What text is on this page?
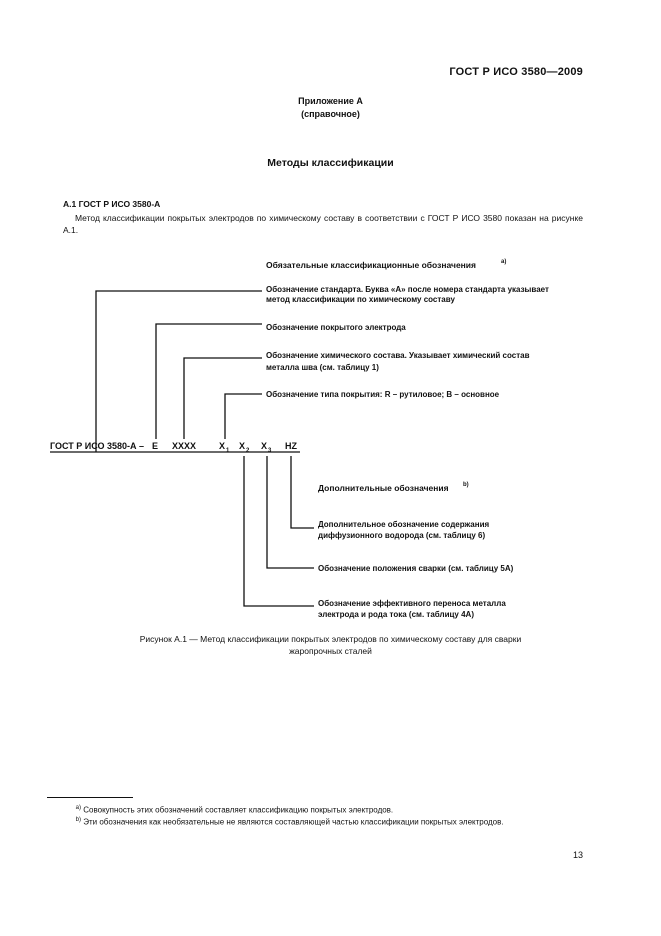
ГОСТ Р ИСО 3580—2009
Приложение А
(справочное)
Методы классификации
А.1 ГОСТ Р ИСО 3580-А
Метод классификации покрытых электродов по химическому составу в соответствии с ГОСТ Р ИСО 3580 показан на рисунке А.1.
Обязательные классификационные обозначения	a)
Обозначение стандарта. Буква «А» после номера стандарта указывает
метод классификации по химическому составу
Обозначение покрытого электрода
Обозначение химического состава. Указывает химический состав
металла шва (см. таблицу 1)
Обозначение типа покрытия: R – рутиловое; В – основное
ГОСТ Р ИСО 3580-А – Е ХХХХ	Х 1 Х 2 Х 3 HZ
Дополнительные обозначения b)
Дополнительное обозначение содержания
диффузионного водорода (см. таблицу 6)
Обозначение положения сварки (см. таблицу 5А)
Обозначение эффективного переноса металла
электрода и рода тока (см. таблицу 4А)
Рисунок А.1 — Метод классификации покрытых электродов по химическому составу для сварки
жаропрочных сталей
$^{a)}$ Совокупность этих обозначений составляет классификацию покрытых электродов.
$^{b)}$ Эти обозначения как необязательные не являются составляющей частью классификации покрытых электродов.
13
